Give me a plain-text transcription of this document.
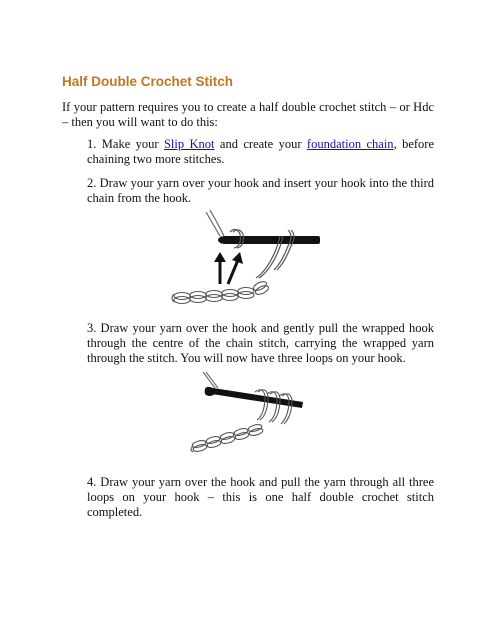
Half Double Crochet Stitch

If your pattern requires you to create a half double crochet stitch – or Hdc – then you will want to do this:

1. Make your Slip Knot and create your foundation chain, before chaining two more stitches.

2. Draw your yarn over your hook and insert your hook into the third chain from the hook.

3. Draw your yarn over the hook and gently pull the wrapped hook through the centre of the chain stitch, carrying the wrapped yarn through the stitch. You will now have three loops on your hook.

4. Draw your yarn over the hook and pull the yarn through all three loops on your hook – this is one half double crochet stitch completed.
